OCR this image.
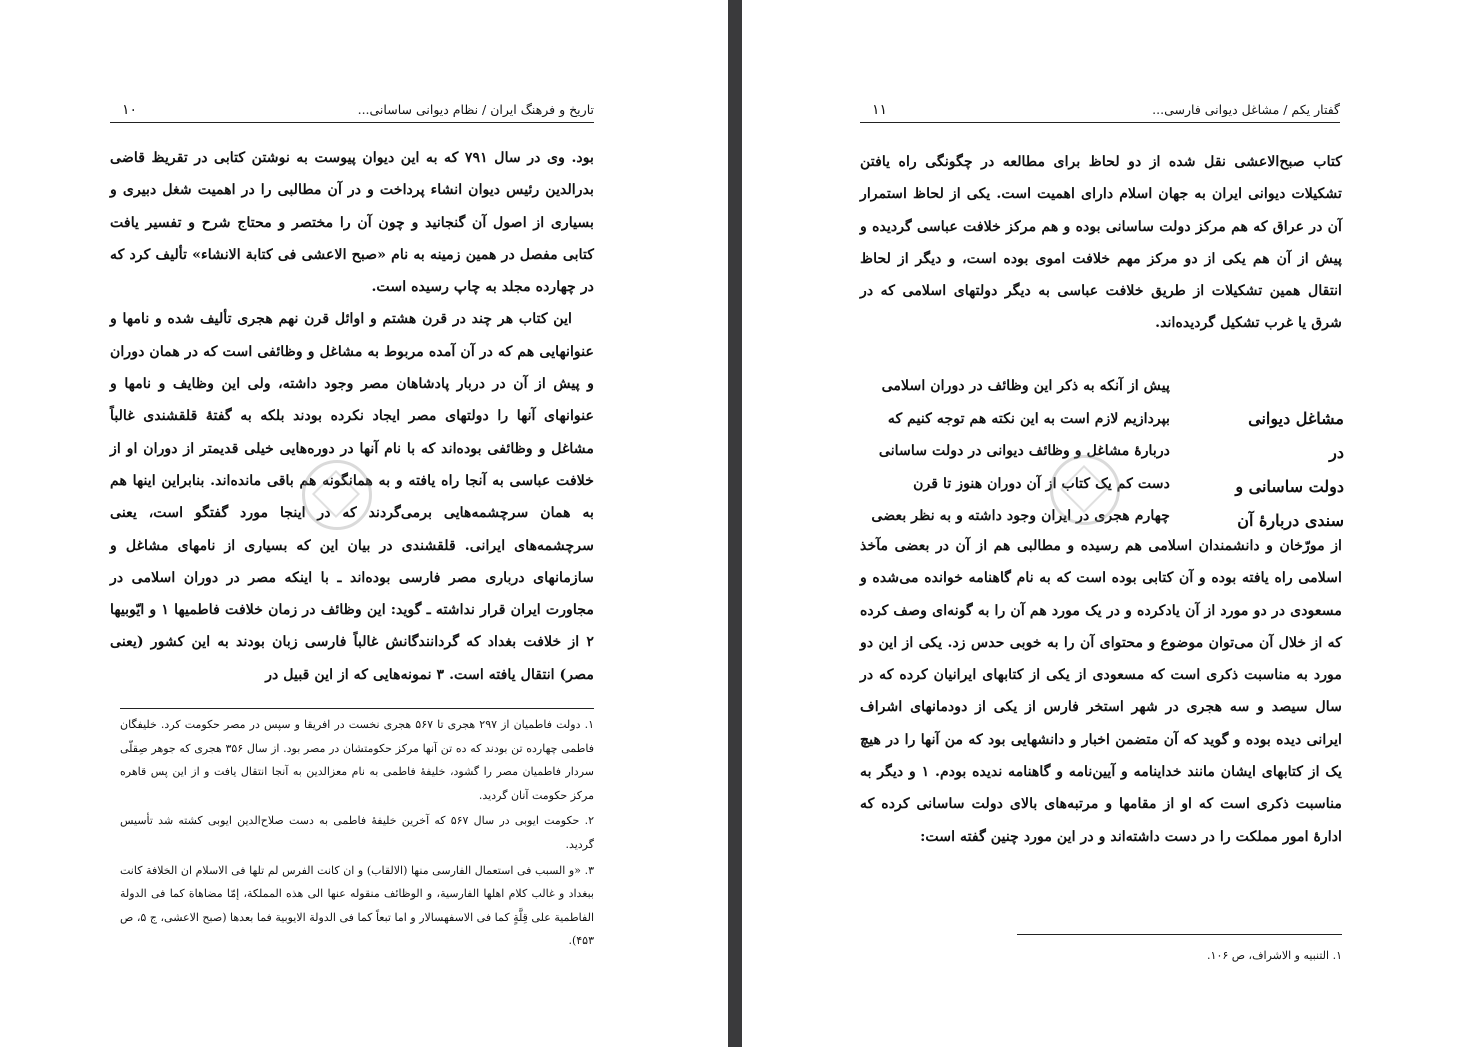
تاریخ و فرهنگ ایران / نظام دیوانی ساسانی...
۱۰

بود. وی در سال ۷۹۱ که به این دیوان پیوست به نوشتن کتابی در تقریظ قاضی بدرالدین رئیس دیوان انشاء پرداخت و در آن مطالبی را در اهمیت شغل دبیری و بسیاری از اصول آن گنجانید و چون آن را مختصر و محتاج شرح و تفسیر یافت کتابی مفصل در همین زمینه به نام «صبح الاعشی فی کتابة الانشاء» تألیف کرد که در چهارده مجلد به چاپ رسیده است.

این کتاب هر چند در قرن هشتم و اوائل قرن نهم هجری تألیف شده و نامها و عنوانهایی هم که در آن آمده مربوط به مشاغل و وظائفی است که در همان دوران و پیش از آن در دربار پادشاهان مصر وجود داشته، ولی این وظایف و نامها و عنوانهای آنها را دولتهای مصر ایجاد نکرده بودند بلکه به گفتهٔ قلقشندی غالباً مشاغل و وظائفی بوده‌اند که با نام آنها در دوره‌هایی خیلی قدیمتر از دوران او از خلافت عباسی به آنجا راه یافته و به همانگونه هم باقی مانده‌اند. بنابراین اینها هم به همان سرچشمه‌هایی برمی‌گردند که در اینجا مورد گفتگو است، یعنی سرچشمه‌های ایرانی. قلقشندی در بیان این که بسیاری از نامهای مشاغل و سازمانهای درباری مصر فارسی بوده‌اند ـ با اینکه مصر در دوران اسلامی در مجاورت ایران قرار نداشته ـ گوید: این وظائف در زمان خلافت فاطمیها ۱ و ایّوبیها ۲ از خلافت بغداد که گردانندگانش غالباً فارسی زبان بودند به این کشور (یعنی مصر) انتقال یافته است. ۳ نمونه‌هایی که از این قبیل در

۱. دولت فاطمیان از ۲۹۷ هجری تا ۵۶۷ هجری نخست در افریقا و سپس در مصر حکومت کرد. خلیفگان فاطمی چهارده تن بودند که ده تن آنها مرکز حکومتشان در مصر بود. از سال ۳۵۶ هجری که جوهر صِقلّی سردار فاطمیان مصر را گشود، خلیفهٔ فاطمی به نام معزالدین به آنجا انتقال یافت و از این پس قاهره مرکز حکومت آنان گردید.

۲. حکومت ایوبی در سال ۵۶۷ که آخرین خلیفهٔ فاطمی به دست صلاح‌الدین ایوبی کشته شد تأسیس گردید.

۳. «و السبب فی استعمال الفارسی منها (الالقاب) و ان کانت الفرس لم تلها فی الاسلام ان الخلافة کانت ببغداد و غالب کلام اهلها الفارسیة، و الوظائف منقوله عنها الی هذه المملکة، إمّا مضاهاة کما فی الدولة الفاطمیة علی قِلَّةٍ کما فی الاسفهسالار و اما تبعاً کما فی الدولة الایوبیة فما بعدها (صبح الاعشی، ج ۵، ص ۴۵۳).

گفتار یکم / مشاغل دیوانی فارسی...
۱۱

کتاب صبح‌الاعشی نقل شده از دو لحاظ برای مطالعه در چگونگی راه یافتن تشکیلات دیوانی ایران به جهان اسلام دارای اهمیت است. یکی از لحاظ استمرار آن در عراق که هم مرکز دولت ساسانی بوده و هم مرکز خلافت عباسی گردیده و پیش از آن هم یکی از دو مرکز مهم خلافت اموی بوده است، و دیگر از لحاظ انتقال همین تشکیلات از طریق خلافت عباسی به دیگر دولتهای اسلامی که در شرق یا غرب تشکیل گردیده‌اند.

مشاغل دیوانی در
دولت ساسانی و
سندی دربارهٔ آن

پیش از آنکه به ذکر این وظائف در دوران اسلامی

بپردازیم لازم است به این نکته هم توجه کنیم که

دربارهٔ مشاغل و وظائف دیوانی در دولت ساسانی

دست کم یک کتاب از آن دوران هنوز تا قرن

چهارم هجری در ایران وجود داشته و به نظر بعضی

از مورّخان و دانشمندان اسلامی هم رسیده و مطالبی هم از آن در بعضی مآخذ اسلامی راه یافته بوده و آن کتابی بوده است که به نام گاهنامه خوانده می‌شده و مسعودی در دو مورد از آن یادکرده و در یک مورد هم آن را به گونه‌ای وصف کرده که از خلال آن می‌توان موضوع و محتوای آن را به خوبی حدس زد. یکی از این دو مورد به مناسبت ذکری است که مسعودی از یکی از کتابهای ایرانیان کرده که در سال سیصد و سه هجری در شهر استخر فارس از یکی از دودمانهای اشراف ایرانی دیده بوده و گوید که آن متضمن اخبار و دانشهایی بود که من آنها را در هیچ یک از کتابهای ایشان مانند خداینامه و آیین‌نامه و گاهنامه ندیده بودم. ۱ و دیگر به مناسبت ذکری است که او از مقامها و مرتبه‌های بالای دولت ساسانی کرده که ادارهٔ امور مملکت را در دست داشته‌اند و در این مورد چنین گفته است:

۱. التنبیه و الاشراف، ص ۱۰۶.
